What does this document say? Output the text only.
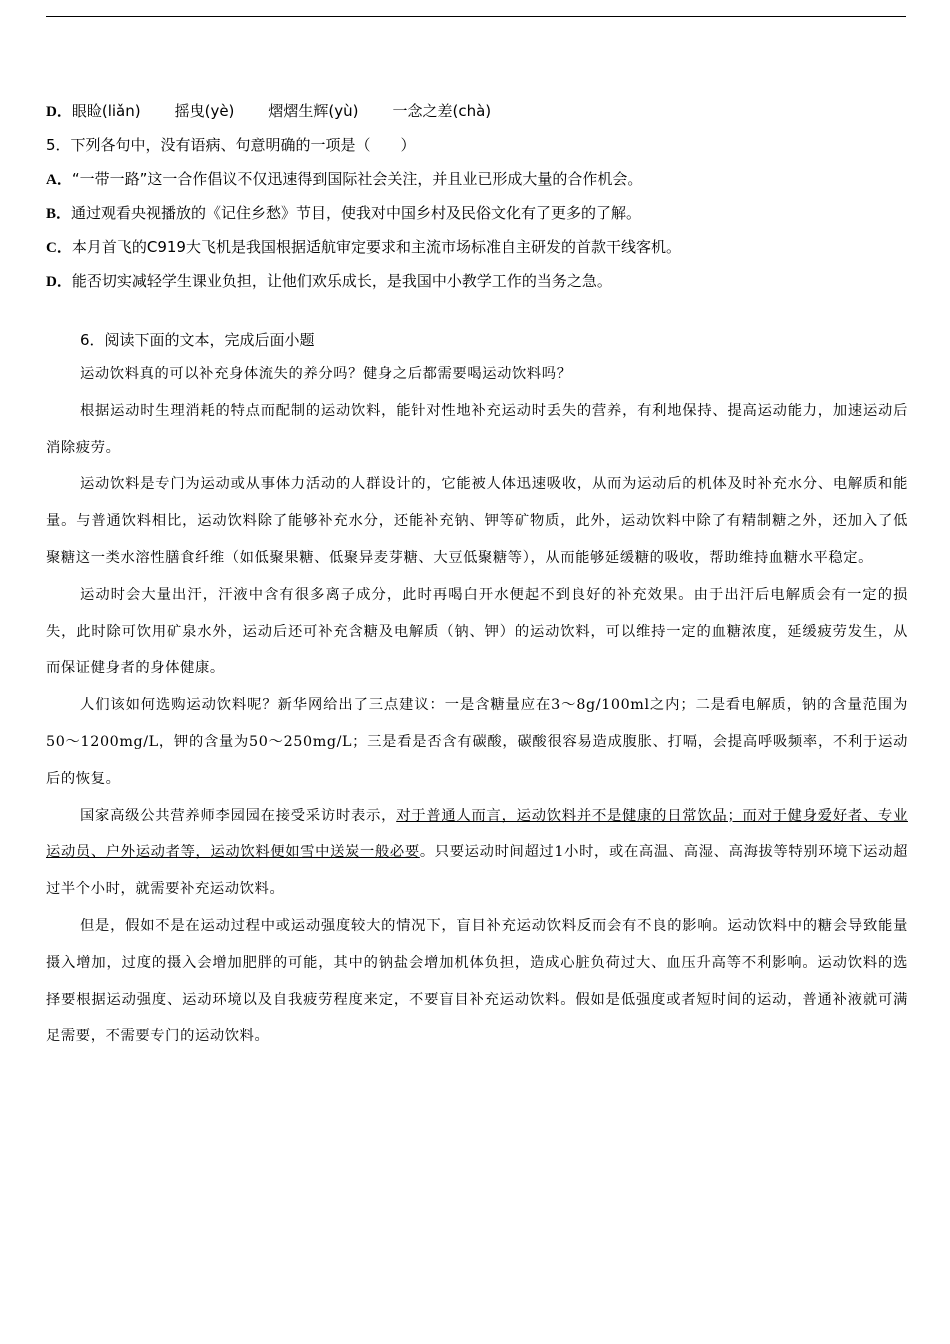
D．眼睑(liǎn) 摇曳(yè) 熠熠生辉(yù) 一念之差(chà)
5．下列各句中，没有语病、句意明确的一项是（　　）
A．“一带一路”这一合作倡议不仅迅速得到国际社会关注，并且业已形成大量的合作机会。
B．通过观看央视播放的《记住乡愁》节目，使我对中国乡村及民俗文化有了更多的了解。
C．本月首飞的C919大飞机是我国根据适航审定要求和主流市场标准自主研发的首款干线客机。
D．能否切实减轻学生课业负担，让他们欢乐成长，是我国中小教学工作的当务之急。
6．阅读下面的文本，完成后面小题

运动饮料真的可以补充身体流失的养分吗？健身之后都需要喝运动饮料吗？

根据运动时生理消耗的特点而配制的运动饮料，能针对性地补充运动时丢失的营养，有利地保持、提高运动能力，加速运动后消除疲劳。

运动饮料是专门为运动或从事体力活动的人群设计的，它能被人体迅速吸收，从而为运动后的机体及时补充水分、电解质和能量。与普通饮料相比，运动饮料除了能够补充水分，还能补充钠、钾等矿物质，此外，运动饮料中除了有精制糖之外，还加入了低聚糖这一类水溶性膳食纤维（如低聚果糖、低聚异麦芽糖、大豆低聚糖等），从而能够延缓糖的吸收，帮助维持血糖水平稳定。

运动时会大量出汗，汗液中含有很多离子成分，此时再喝白开水便起不到良好的补充效果。由于出汗后电解质会有一定的损失，此时除可饮用矿泉水外，运动后还可补充含糖及电解质（钠、钾）的运动饮料，可以维持一定的血糖浓度，延缓疲劳发生，从而保证健身者的身体健康。

人们该如何选购运动饮料呢？新华网给出了三点建议：一是含糖量应在3～8g/100ml之内；二是看电解质，钠的含量范围为50～1200mg/L，钾的含量为50～250mg/L；三是看是否含有碳酸，碳酸很容易造成腹胀、打嗝，会提高呼吸频率，不利于运动后的恢复。

国家高级公共营养师李园园在接受采访时表示，对于普通人而言，运动饮料并不是健康的日常饮品；而对于健身爱好者、专业运动员、户外运动者等，运动饮料便如雪中送炭一般必要。只要运动时间超过1小时，或在高温、高湿、高海拔等特别环境下运动超过半个小时，就需要补充运动饮料。

但是，假如不是在运动过程中或运动强度较大的情况下，盲目补充运动饮料反而会有不良的影响。运动饮料中的糖会导致能量摄入增加，过度的摄入会增加肥胖的可能，其中的钠盐会增加机体负担，造成心脏负荷过大、血压升高等不利影响。运动饮料的选择要根据运动强度、运动环境以及自我疲劳程度来定，不要盲目补充运动饮料。假如是低强度或者短时间的运动，普通补液就可满足需要，不需要专门的运动饮料。
